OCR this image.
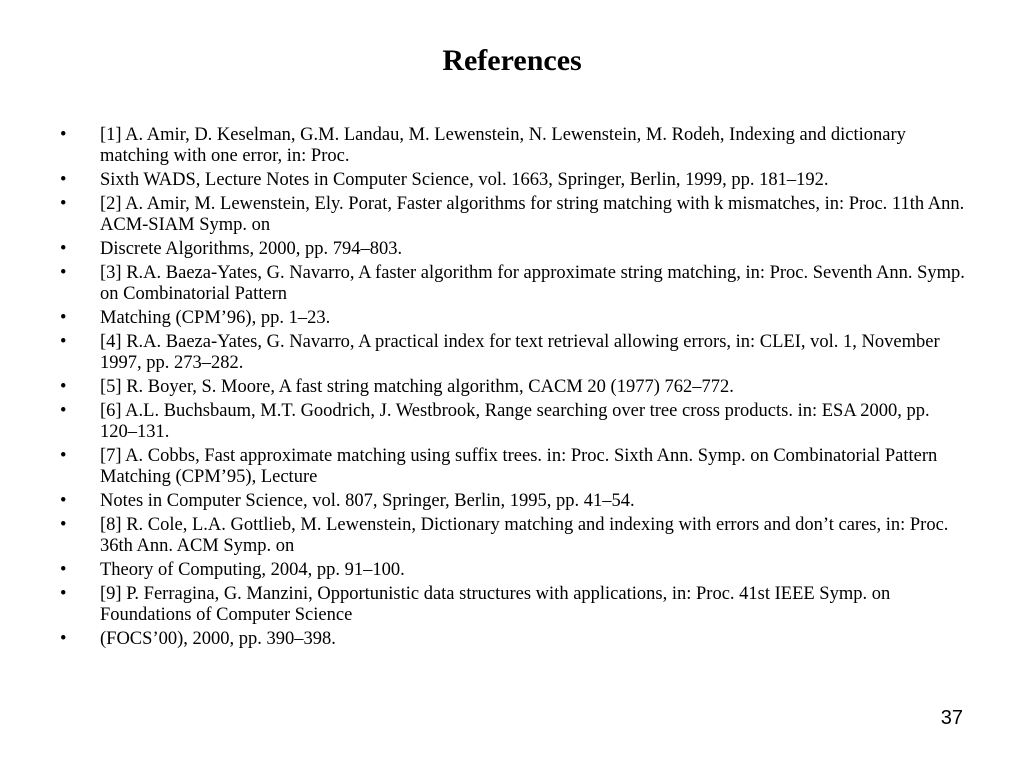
References
•	[1] A. Amir, D. Keselman, G.M. Landau, M. Lewenstein, N. Lewenstein, M. Rodeh, Indexing and dictionary matching with one error, in: Proc.
•	Sixth WADS, Lecture Notes in Computer Science, vol. 1663, Springer, Berlin, 1999, pp. 181–192.
•	[2] A. Amir, M. Lewenstein, Ely. Porat, Faster algorithms for string matching with k mismatches, in: Proc. 11th Ann. ACM-SIAM Symp. on
•	Discrete Algorithms, 2000, pp. 794–803.
•	[3] R.A. Baeza-Yates, G. Navarro, A faster algorithm for approximate string matching, in: Proc. Seventh Ann. Symp. on Combinatorial Pattern
•	Matching (CPM’96), pp. 1–23.
•	[4] R.A. Baeza-Yates, G. Navarro, A practical index for text retrieval allowing errors, in: CLEI, vol. 1, November 1997, pp. 273–282.
•	[5] R. Boyer, S. Moore, A fast string matching algorithm, CACM 20 (1977) 762–772.
•	[6] A.L. Buchsbaum, M.T. Goodrich, J. Westbrook, Range searching over tree cross products. in: ESA 2000, pp. 120–131.
•	[7] A. Cobbs, Fast approximate matching using suffix trees. in: Proc. Sixth Ann. Symp. on Combinatorial Pattern Matching (CPM’95), Lecture
•	Notes in Computer Science, vol. 807, Springer, Berlin, 1995, pp. 41–54.
•	[8] R. Cole, L.A. Gottlieb, M. Lewenstein, Dictionary matching and indexing with errors and don’t cares, in: Proc. 36th Ann. ACM Symp. on
•	Theory of Computing, 2004, pp. 91–100.
•	[9] P. Ferragina, G. Manzini, Opportunistic data structures with applications, in: Proc. 41st IEEE Symp. on Foundations of Computer Science
•	(FOCS’00), 2000, pp. 390–398.
37
